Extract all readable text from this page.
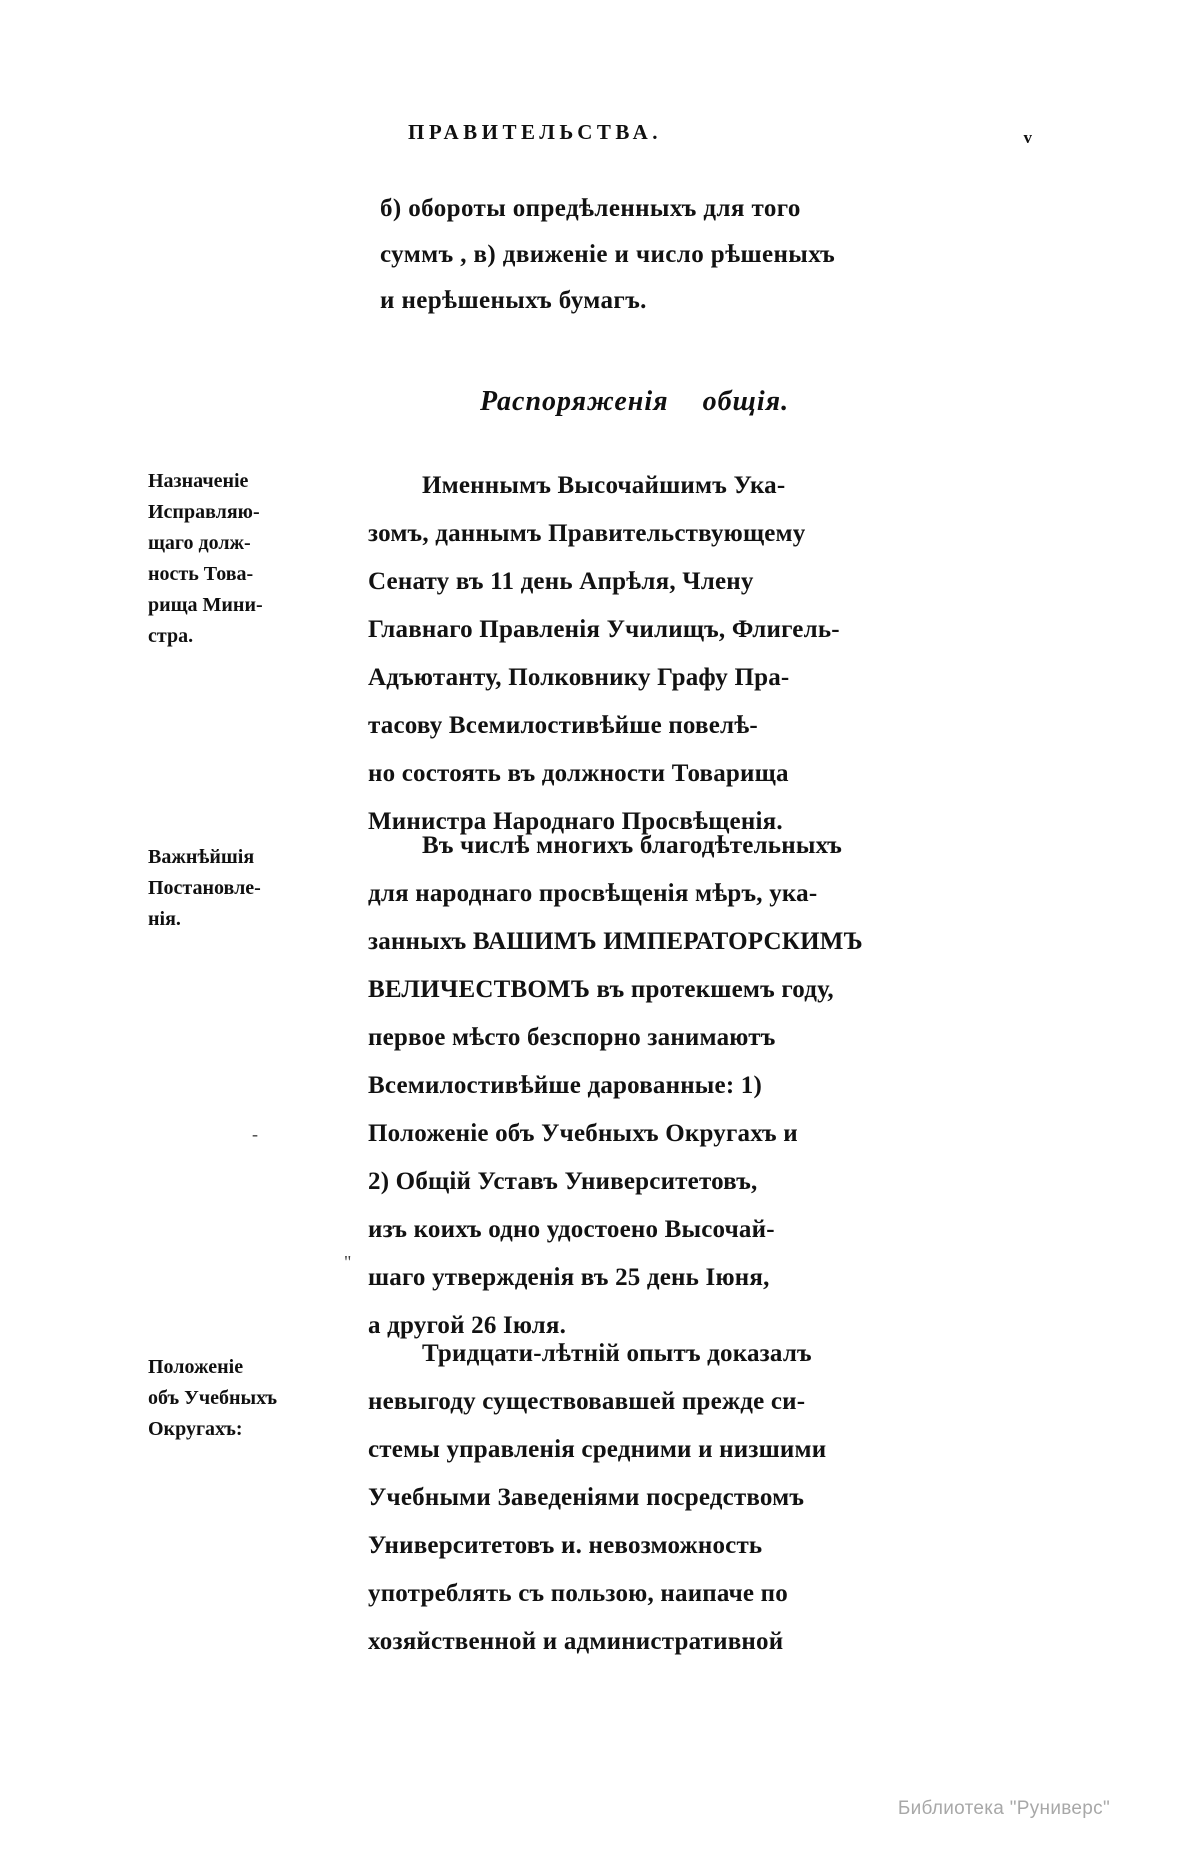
ПРАВИТЕЛЬСТВА.	v
б) обороты опредѣленныхъ для того
суммъ , в) движеніе и число рѣшеныхъ
и нерѣшеныхъ бумагъ.
Распоряженія общія.
Назначеніе
Исправляю-
щаго долж-
ность Това-
рища Мини-
стра.
Важнѣйшія
Постановле-
нія.
Положеніе
объ Учебныхъ
Округахъ:
-
"
Именнымъ Высочайшимъ Ука-
зомъ, даннымъ Правительствующему
Сенату въ 11 день Апрѣля, Члену
Главнаго Правленія Училищъ, Флигель-
Адъютанту, Полковнику Графу Пра-
тасову Всемилостивѣйше повелѣ-
но состоять въ должности Товарища
Министра Народнаго Просвѣщенія.
Въ числѣ многихъ благодѣтельныхъ
для народнаго просвѣщенія мѣръ, ука-
занныхъ ВАШИМЪ ИМПЕРАТОРСКИМЪ
ВЕЛИЧЕСТВОМЪ въ протекшемъ году,
первое мѣсто безспорно занимаютъ
Всемилостивѣйше дарованные: 1)
Положеніе объ Учебныхъ Округахъ и
2) Общій Уставъ Университетовъ,
изъ коихъ одно удостоено Высочай-
шаго утвержденія въ 25 день Іюня,
а другой 26 Іюля.
Тридцати-лѣтній опытъ доказалъ
невыгоду существовавшей прежде си-
стемы управленія средними и низшими
Учебными Заведеніями посредствомъ
Университетовъ и. невозможность
употреблять съ пользою, наипаче по
хозяйственной и административной
Библиотека "Руниверс"
